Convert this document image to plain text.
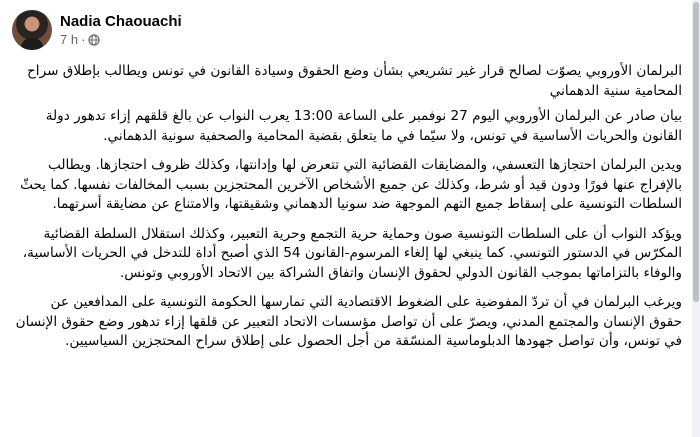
Nadia Chaouachi
7 h ·

البرلمان الأوروبي يصوّت لصالح قرار غير تشريعي بشأن وضع الحقوق وسيادة القانون في تونس ويطالب بإطلاق سراح المحامية سنية الدهماني

بيان صادر عن البرلمان الأوروبي اليوم 27 نوفمبر على الساعة 13:00 يعرب النواب عن بالغ قلقهم إزاء تدهور دولة القانون والحريات الأساسية في تونس، ولا سيّما في ما يتعلق بقضية المحامية والصحفية سونية الدهماني.

ويدين البرلمان احتجازها التعسفي، والمضايقات القضائية التي تتعرض لها وإدانتها، وكذلك ظروف احتجازها. ويطالب بالإفراج عنها فورًا ودون قيد أو شرط، وكذلك عن جميع الأشخاص الآخرين المحتجزين بسبب المخالفات نفسها. كما يحثّ السلطات التونسية على إسقاط جميع التهم الموجهة ضد سونيا الدهماني وشقيقتها، والامتناع عن مضايقة أسرتهما.

ويؤكد النواب أن على السلطات التونسية صون وحماية حرية التجمع وحرية التعبير، وكذلك استقلال السلطة القضائية المكرّس في الدستور التونسي. كما ينبغي لها إلغاء المرسوم-القانون 54 الذي أصبح أداة للتدخل في الحريات الأساسية، والوفاء بالتزاماتها بموجب القانون الدولي لحقوق الإنسان واتفاق الشراكة بين الاتحاد الأوروبي وتونس.

ويرغب البرلمان في أن تردّ المفوضية على الضغوط الاقتصادية التي تمارسها الحكومة التونسية على المدافعين عن حقوق الإنسان والمجتمع المدني، ويصرّ على أن تواصل مؤسسات الاتحاد التعبير عن قلقها إزاء تدهور وضع حقوق الإنسان في تونس، وأن تواصل جهودها الدبلوماسية المنسّقة من أجل الحصول على إطلاق سراح المحتجزين السياسيين.
